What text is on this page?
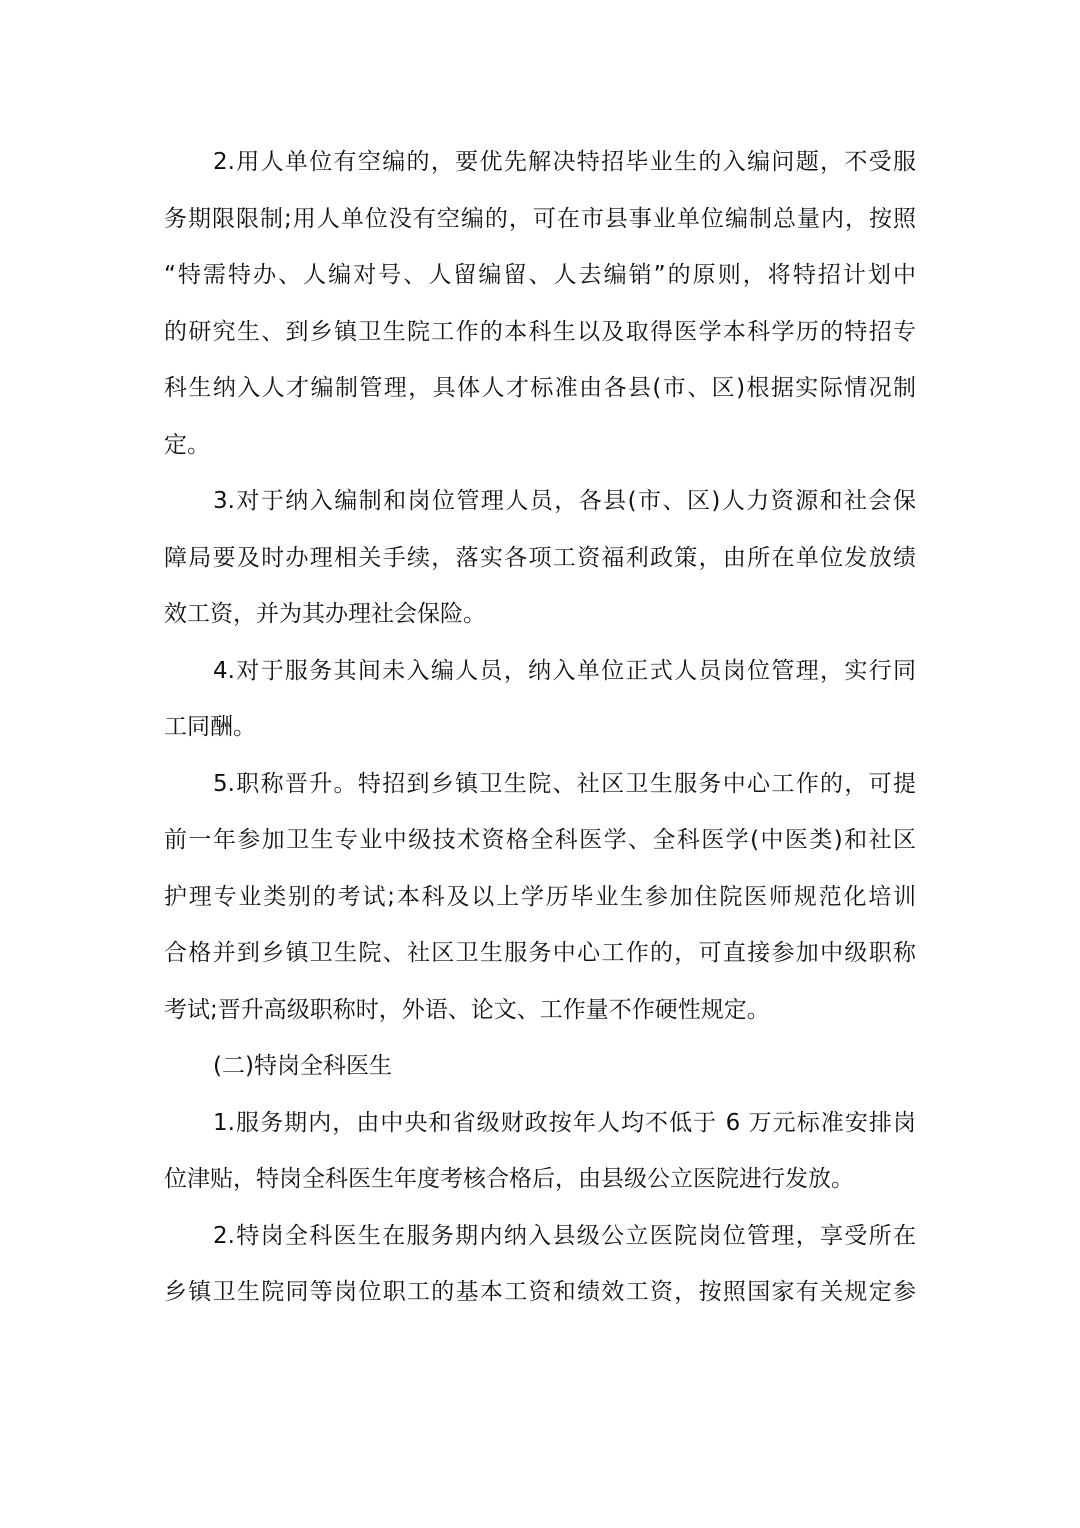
2.用人单位有空编的，要优先解决特招毕业生的入编问题，不受服
务期限限制;用人单位没有空编的，可在市县事业单位编制总量内，按照
“特需特办、人编对号、人留编留、人去编销”的原则，将特招计划中
的研究生、到乡镇卫生院工作的本科生以及取得医学本科学历的特招专
科生纳入人才编制管理，具体人才标准由各县(市、区)根据实际情况制
定。
3.对于纳入编制和岗位管理人员，各县(市、区)人力资源和社会保
障局要及时办理相关手续，落实各项工资福利政策，由所在单位发放绩
效工资，并为其办理社会保险。
4.对于服务其间未入编人员，纳入单位正式人员岗位管理，实行同
工同酬。
5.职称晋升。特招到乡镇卫生院、社区卫生服务中心工作的，可提
前一年参加卫生专业中级技术资格全科医学、全科医学(中医类)和社区
护理专业类别的考试;本科及以上学历毕业生参加住院医师规范化培训
合格并到乡镇卫生院、社区卫生服务中心工作的，可直接参加中级职称
考试;晋升高级职称时，外语、论文、工作量不作硬性规定。
(二)特岗全科医生
1.服务期内，由中央和省级财政按年人均不低于 6 万元标准安排岗
位津贴，特岗全科医生年度考核合格后，由县级公立医院进行发放。
2.特岗全科医生在服务期内纳入县级公立医院岗位管理，享受所在
乡镇卫生院同等岗位职工的基本工资和绩效工资，按照国家有关规定参
